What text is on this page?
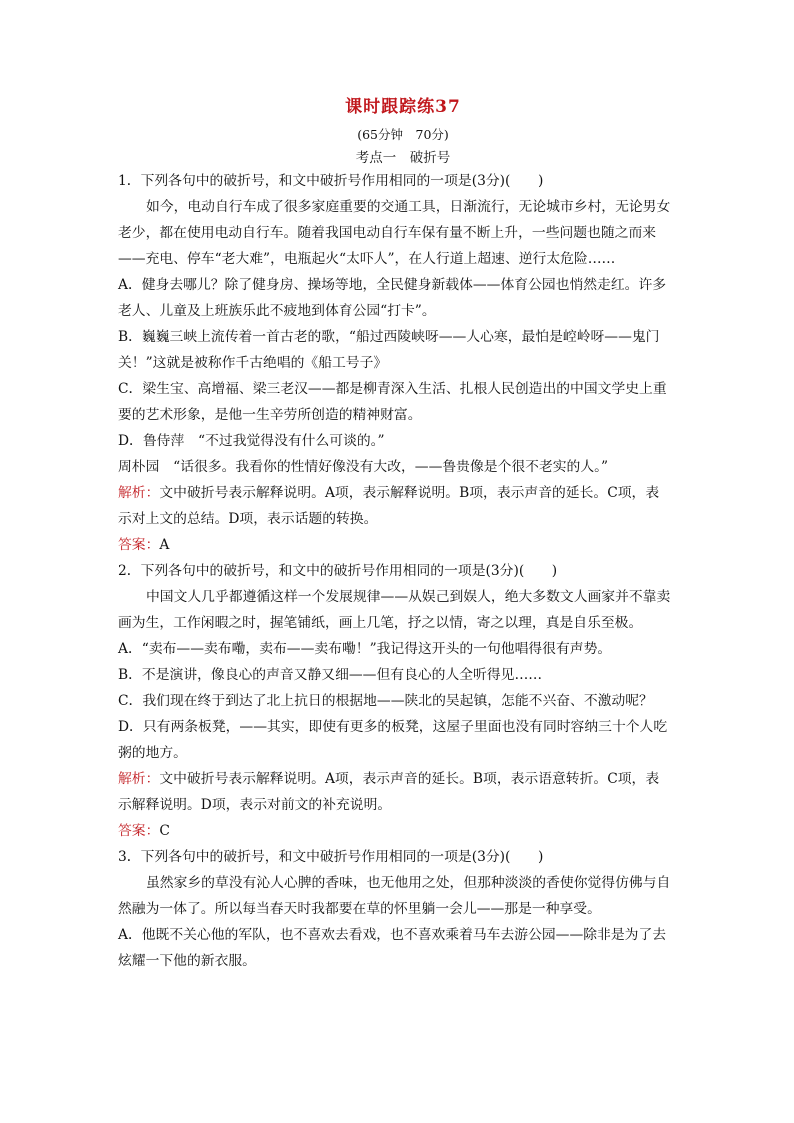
课时跟踪练37
(65分钟　70分)
考点一　破折号
1．下列各句中的破折号，和文中破折号作用相同的一项是(3分)(　　)
如今，电动自行车成了很多家庭重要的交通工具，日渐流行，无论城市乡村，无论男女
老少，都在使用电动自行车。随着我国电动自行车保有量不断上升，一些问题也随之而来
——充电、停车“老大难”，电瓶起火“太吓人”，在人行道上超速、逆行太危险……
A．健身去哪儿？除了健身房、操场等地，全民健身新载体——体育公园也悄然走红。许多
老人、儿童及上班族乐此不疲地到体育公园“打卡”。
B．巍巍三峡上流传着一首古老的歌，“船过西陵峡呀——人心寒，最怕是崆岭呀——鬼门
关！”这就是被称作千古绝唱的《船工号子》
C．梁生宝、高增福、梁三老汉——都是柳青深入生活、扎根人民创造出的中国文学史上重
要的艺术形象，是他一生辛劳所创造的精神财富。
D．鲁侍萍　“不过我觉得没有什么可谈的。”
周朴园　“话很多。我看你的性情好像没有大改，——鲁贵像是个很不老实的人。”
解析：文中破折号表示解释说明。A项，表示解释说明。B项，表示声音的延长。C项，表
示对上文的总结。D项，表示话题的转换。
答案：A
2．下列各句中的破折号，和文中的破折号作用相同的一项是(3分)(　　)
中国文人几乎都遵循这样一个发展规律——从娱己到娱人，绝大多数文人画家并不靠卖
画为生，工作闲暇之时，握笔铺纸，画上几笔，抒之以情，寄之以理，真是自乐至极。
A．“卖布——卖布嘞，卖布——卖布嘞！”我记得这开头的一句他唱得很有声势。
B．不是演讲，像良心的声音又静又细——但有良心的人全听得见……
C．我们现在终于到达了北上抗日的根据地——陕北的吴起镇，怎能不兴奋、不激动呢？
D．只有两条板凳，——其实，即使有更多的板凳，这屋子里面也没有同时容纳三十个人吃
粥的地方。
解析：文中破折号表示解释说明。A项，表示声音的延长。B项，表示语意转折。C项，表
示解释说明。D项，表示对前文的补充说明。
答案：C
3．下列各句中的破折号，和文中破折号作用相同的一项是(3分)(　　)
虽然家乡的草没有沁人心脾的香味，也无他用之处，但那种淡淡的香使你觉得仿佛与自
然融为一体了。所以每当春天时我都要在草的怀里躺一会儿——那是一种享受。
A．他既不关心他的军队，也不喜欢去看戏，也不喜欢乘着马车去游公园——除非是为了去
炫耀一下他的新衣服。
